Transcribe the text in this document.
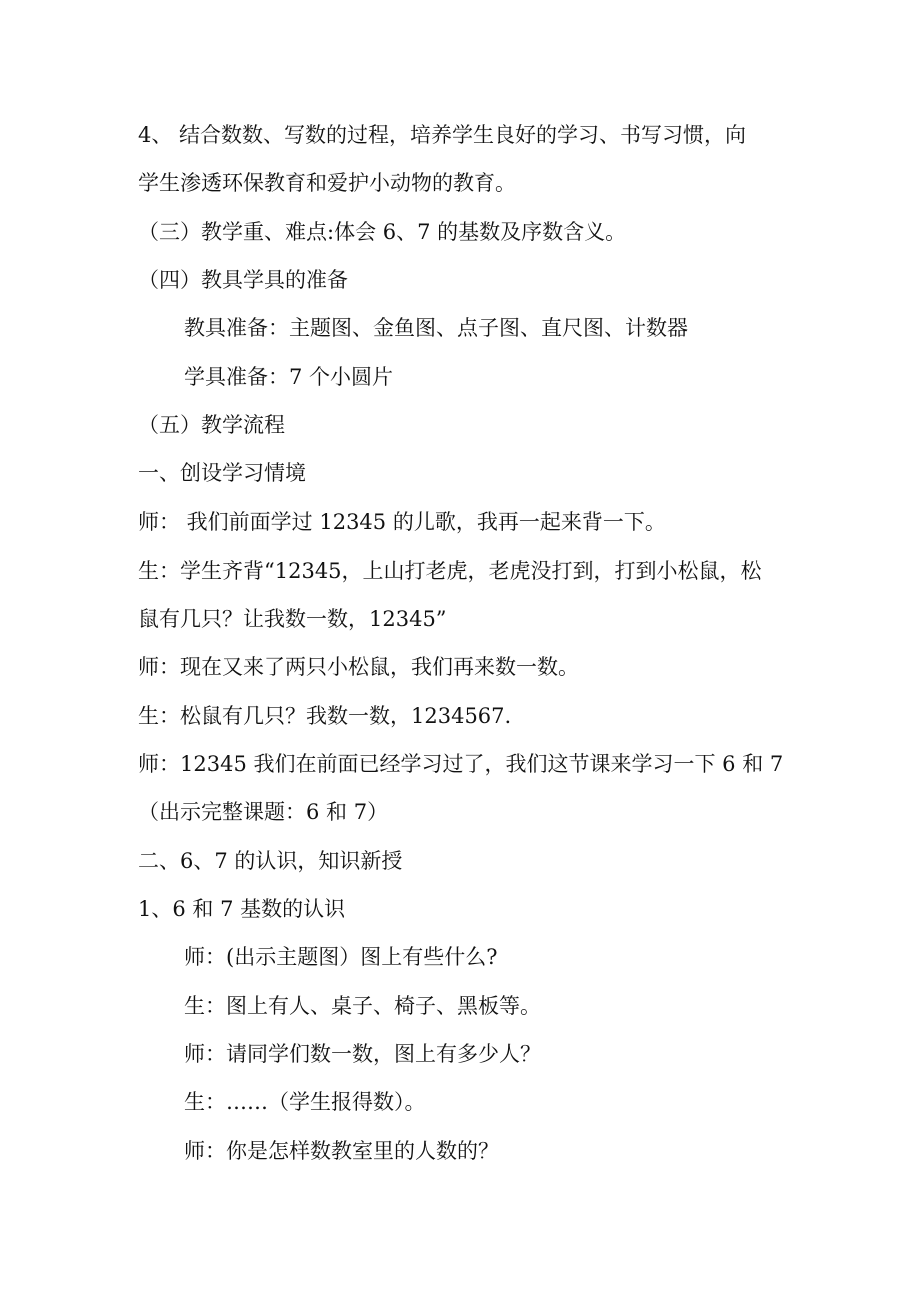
4、 结合数数、写数的过程，培养学生良好的学习、书写习惯，向
学生渗透环保教育和爱护小动物的教育。
（三）教学重、难点:体会 6、7 的基数及序数含义。
（四）教具学具的准备
教具准备：主题图、金鱼图、点子图、直尺图、计数器
学具准备：7 个小圆片
（五）教学流程
一、创设学习情境
师： 我们前面学过 12345 的儿歌，我再一起来背一下。
生：学生齐背“12345，上山打老虎，老虎没打到，打到小松鼠，松
鼠有几只？让我数一数，12345”
师：现在又来了两只小松鼠，我们再来数一数。
生：松鼠有几只？我数一数，1234567.
师：12345 我们在前面已经学习过了，我们这节课来学习一下 6 和 7
（出示完整课题：6 和 7）
二、6、7 的认识，知识新授
1、6 和 7 基数的认识
师：(出示主题图）图上有些什么?
生：图上有人、桌子、椅子、黑板等。
师：请同学们数一数，图上有多少人？
生：……（学生报得数）。
师：你是怎样数教室里的人数的？
